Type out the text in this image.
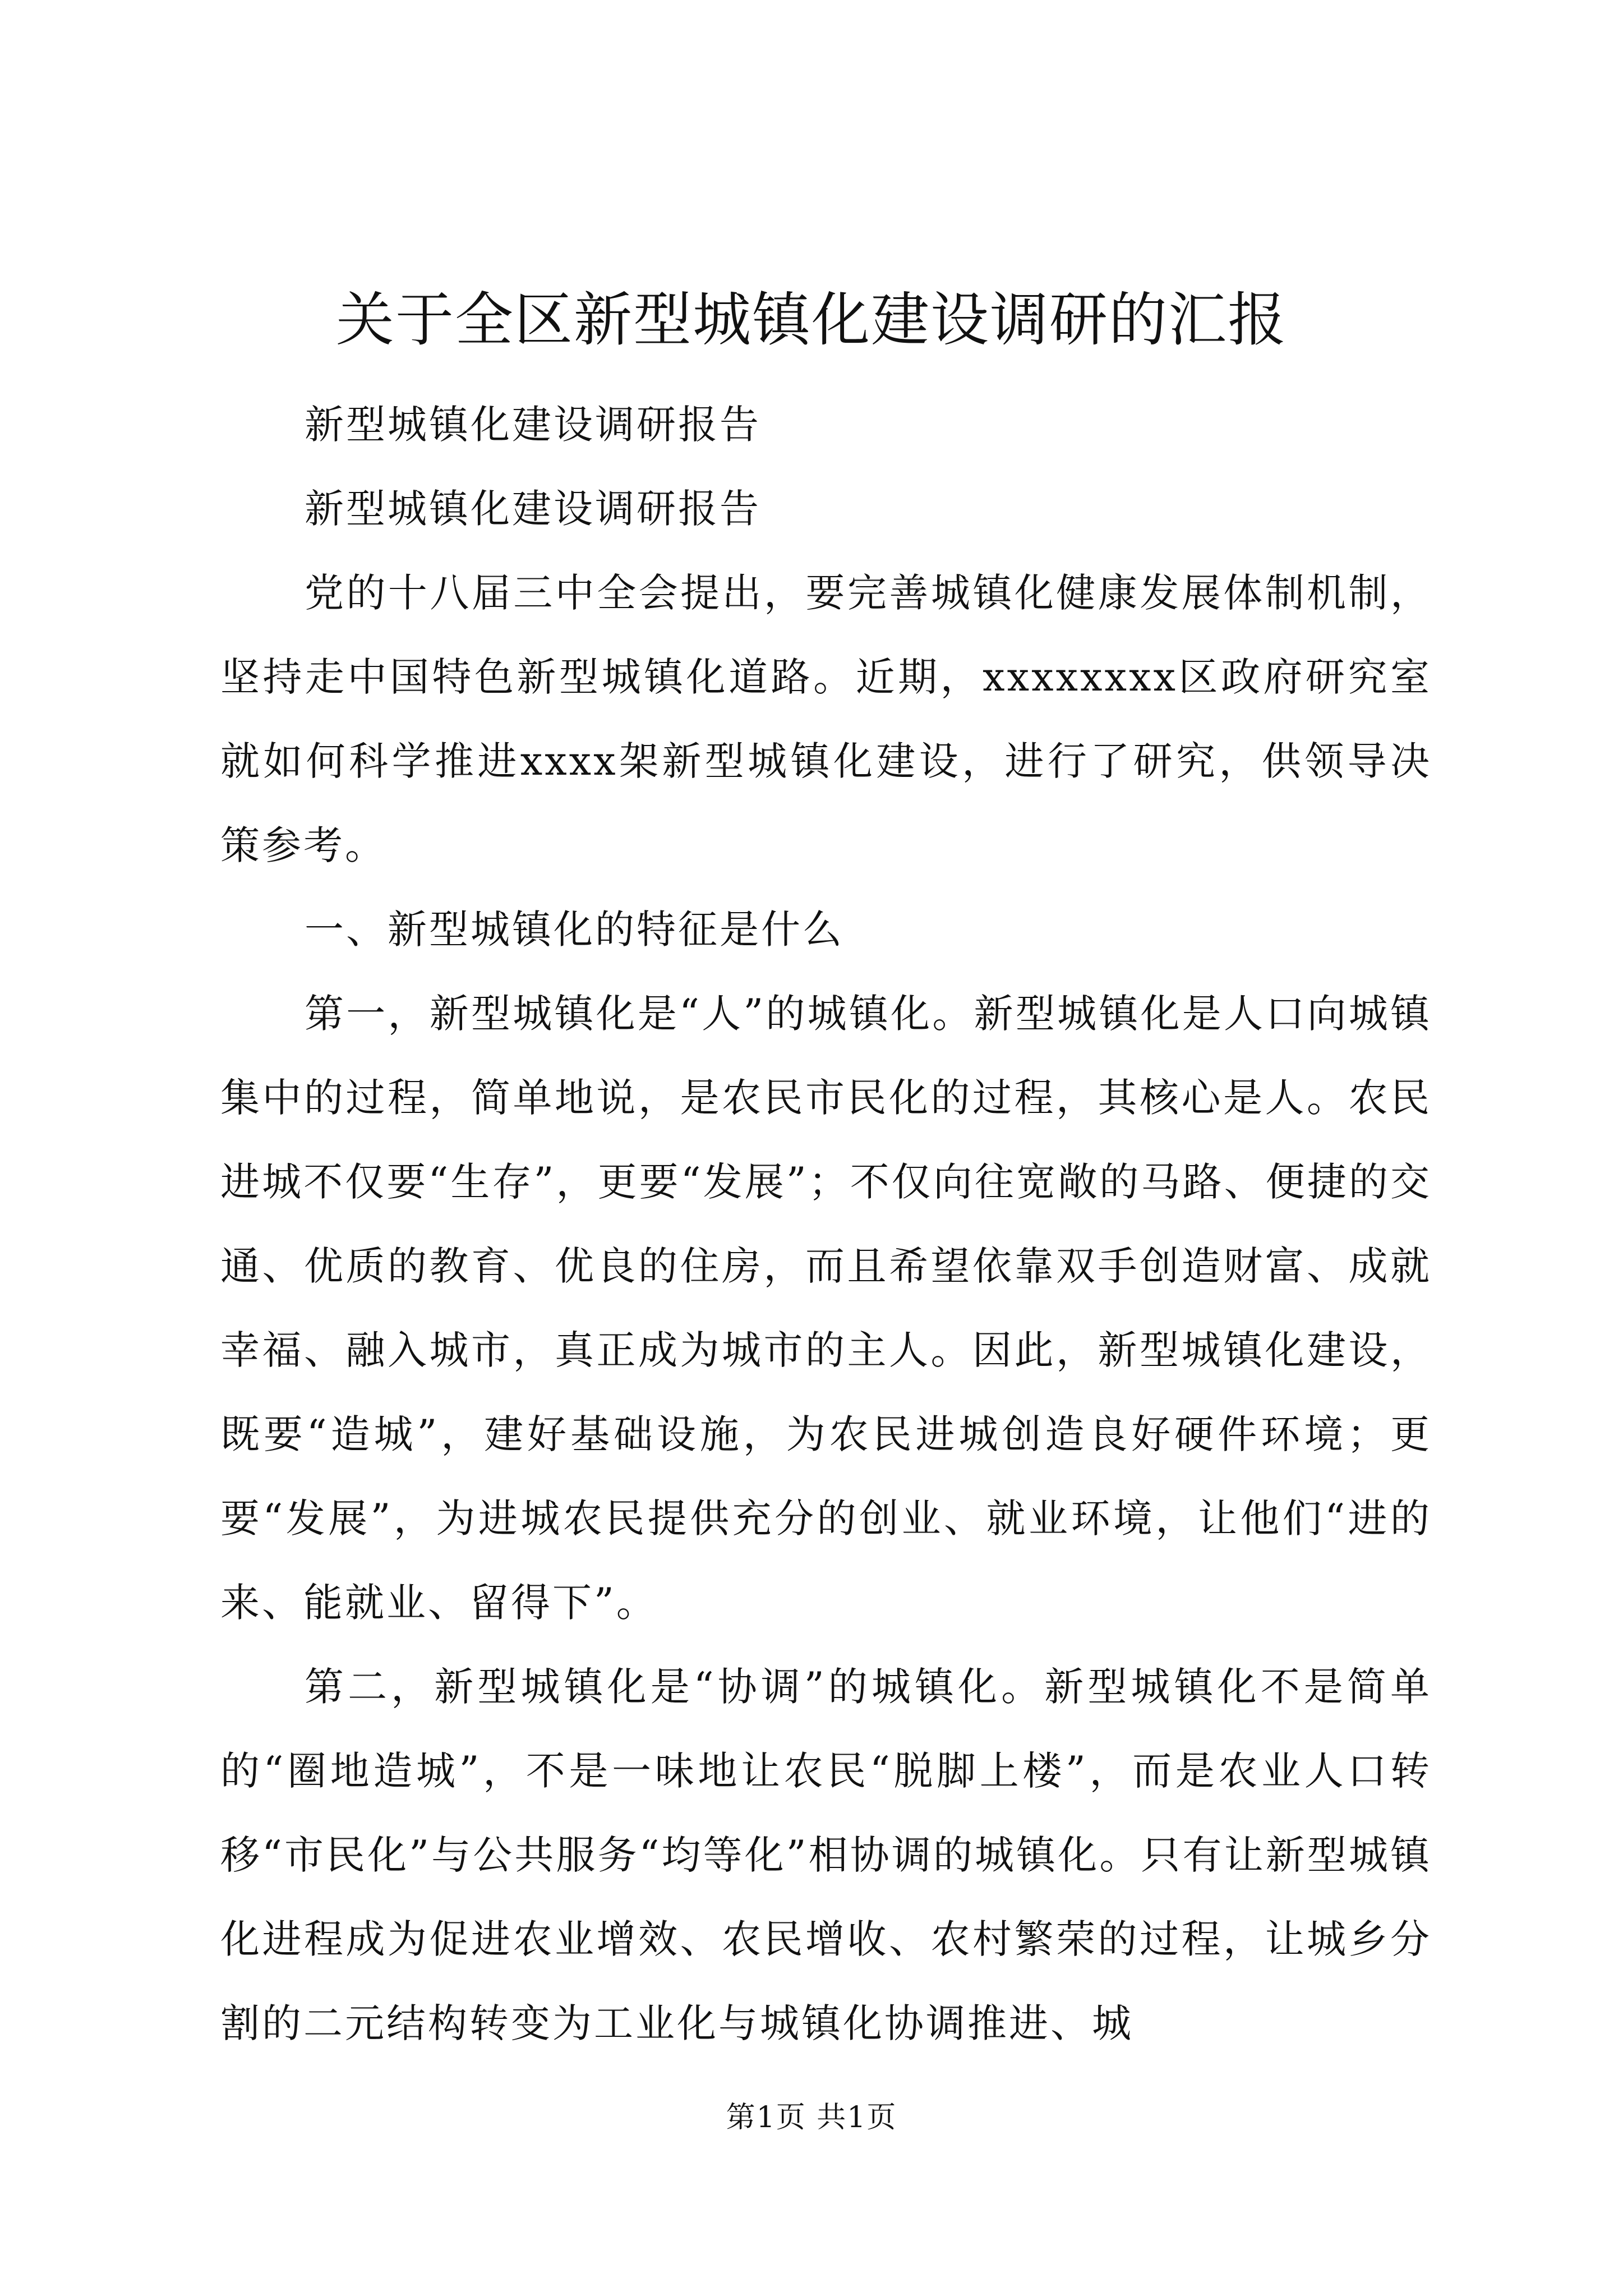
关于全区新型城镇化建设调研的汇报

新型城镇化建设调研报告

新型城镇化建设调研报告

党的十八届三中全会提出，要完善城镇化健康发展体制机制，坚持走中国特色新型城镇化道路。近期，xxxxxxxx区政府研究室就如何科学推进xxxx架新型城镇化建设，进行了研究，供领导决策参考。

一、新型城镇化的特征是什么

第一，新型城镇化是“人”的城镇化。新型城镇化是人口向城镇集中的过程，简单地说，是农民市民化的过程，其核心是人。农民进城不仅要“生存”，更要“发展”；不仅向往宽敞的马路、便捷的交通、优质的教育、优良的住房，而且希望依靠双手创造财富、成就幸福、融入城市，真正成为城市的主人。因此，新型城镇化建设，既要“造城”，建好基础设施，为农民进城创造良好硬件环境；更要“发展”，为进城农民提供充分的创业、就业环境，让他们“进的来、能就业、留得下”。

第二，新型城镇化是“协调”的城镇化。新型城镇化不是简单的“圈地造城”，不是一味地让农民“脱脚上楼”，而是农业人口转移“市民化”与公共服务“均等化”相协调的城镇化。只有让新型城镇化进程成为促进农业增效、农民增收、农村繁荣的过程，让城乡分割的二元结构转变为工业化与城镇化协调推进、城

第1页 共1页
